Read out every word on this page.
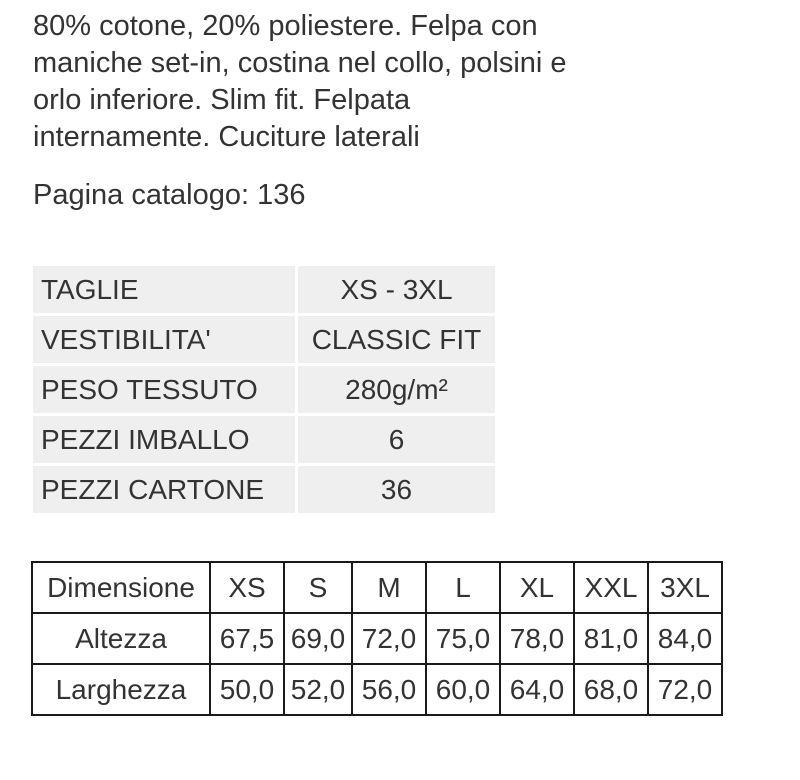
80% cotone, 20% poliestere. Felpa con
maniche set-in, costina nel collo, polsini e
orlo inferiore. Slim fit. Felpata
internamente. Cuciture laterali
Pagina catalogo: 136
TAGLIE	XS - 3XL
VESTIBILITA'	CLASSIC FIT
PESO TESSUTO	280g/m²
PEZZI IMBALLO	6
PEZZI CARTONE	36
Dimensione	XS	S	M	L	XL	XXL	3XL
Altezza	67,5	69,0	72,0	75,0	78,0	81,0	84,0
Larghezza	50,0	52,0	56,0	60,0	64,0	68,0	72,0
